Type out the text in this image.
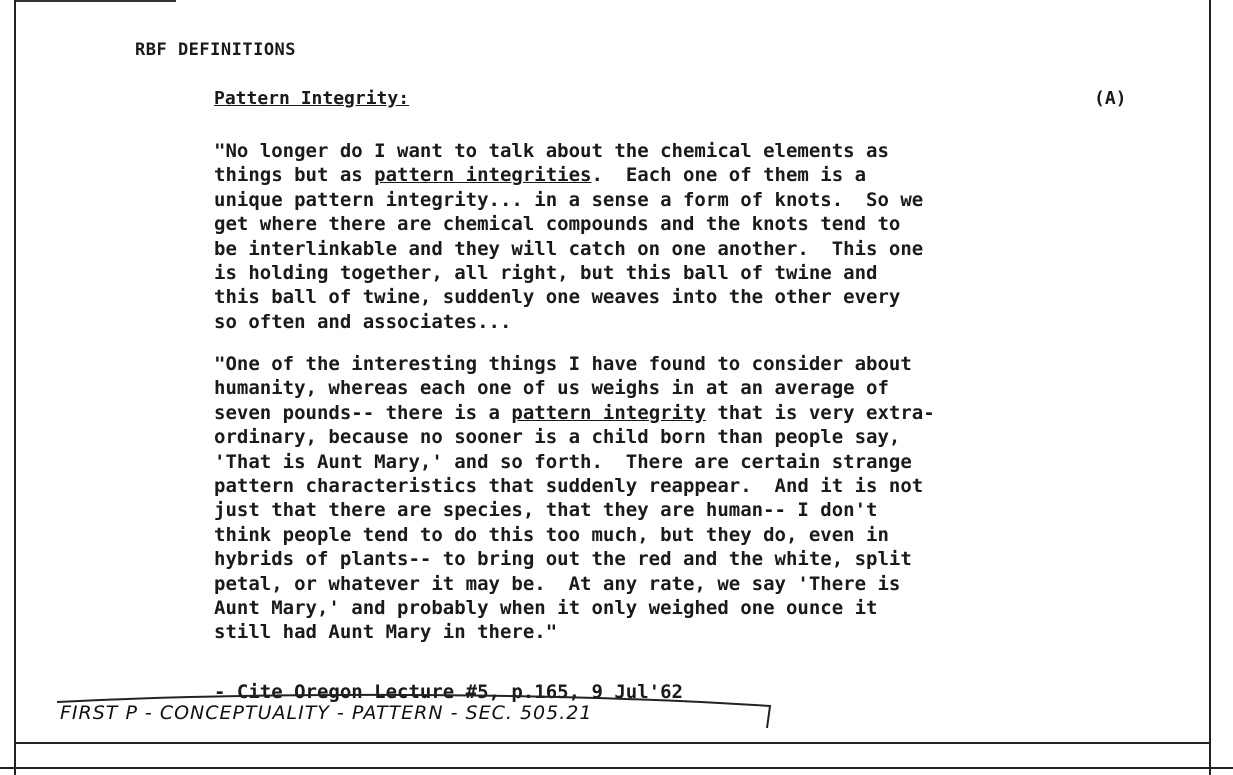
RBF DEFINITIONS
Pattern Integrity:	(A)
"No longer do I want to talk about the chemical elements as
things but as pattern integrities.  Each one of them is a
unique pattern integrity... in a sense a form of knots.  So we
get where there are chemical compounds and the knots tend to
be interlinkable and they will catch on one another.  This one
is holding together, all right, but this ball of twine and
this ball of twine, suddenly one weaves into the other every
so often and associates...
"One of the interesting things I have found to consider about
humanity, whereas each one of us weighs in at an average of
seven pounds-- there is a pattern integrity that is very extra-
ordinary, because no sooner is a child born than people say,
'That is Aunt Mary,' and so forth.  There are certain strange
pattern characteristics that suddenly reappear.  And it is not
just that there are species, that they are human-- I don't
think people tend to do this too much, but they do, even in
hybrids of plants-- to bring out the red and the white, split
petal, or whatever it may be.  At any rate, we say 'There is
Aunt Mary,' and probably when it only weighed one ounce it
still had Aunt Mary in there."
- Cite Oregon Lecture #5, p.165, 9 Jul'62
FIRST P - CONCEPTUALITY - PATTERN - SEC. 505.21
